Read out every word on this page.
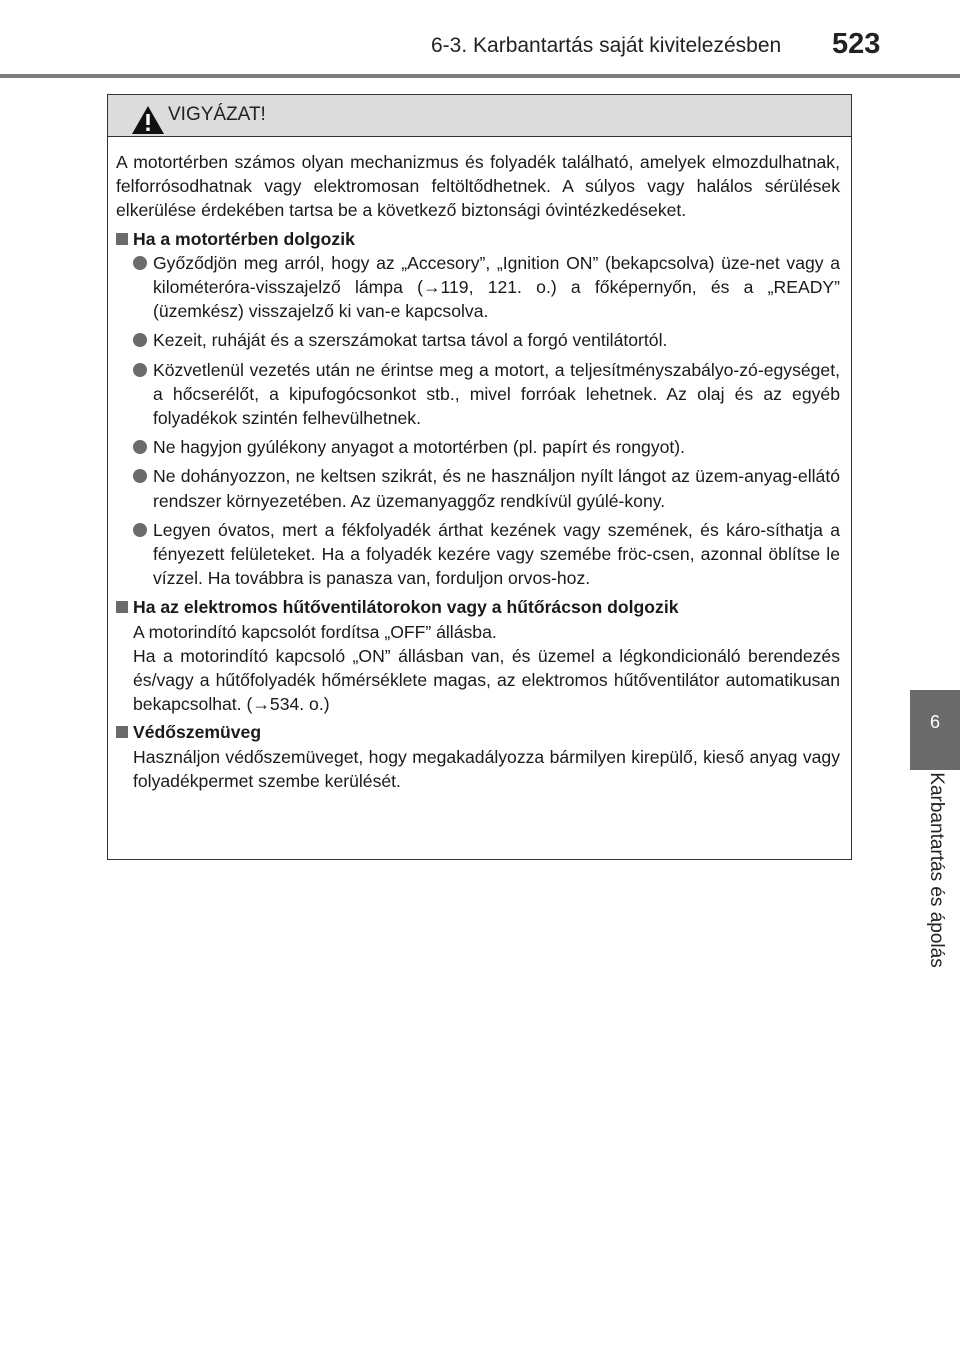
6-3. Karbantartás saját kivitelezésben 523
6
Karbantartás és ápolás
VIGYÁZAT!

A motortérben számos olyan mechanizmus és folyadék található, amelyek elmozdulhatnak, felforrósodhatnak vagy elektromosan feltöltődhetnek. A súlyos vagy halálos sérülések elkerülése érdekében tartsa be a következő biztonsági óvintézkedéseket.

Ha a motortérben dolgozik
Győződjön meg arról, hogy az „Accesory”, „Ignition ON” (bekapcsolva) üze-net vagy a kilométeróra-visszajelző lámpa (→119, 121. o.) a főképernyőn, és a „READY” (üzemkész) visszajelző ki van-e kapcsolva.
Kezeit, ruháját és a szerszámokat tartsa távol a forgó ventilátortól.
Közvetlenül vezetés után ne érintse meg a motort, a teljesítményszabályo-zó-egységet, a hőcserélőt, a kipufogócsonkot stb., mivel forróak lehetnek. Az olaj és az egyéb folyadékok szintén felhevülhetnek.
Ne hagyjon gyúlékony anyagot a motortérben (pl. papírt és rongyot).
Ne dohányozzon, ne keltsen szikrát, és ne használjon nyílt lángot az üzem-anyag-ellátó rendszer környezetében. Az üzemanyaggőz rendkívül gyúlé-kony.
Legyen óvatos, mert a fékfolyadék árthat kezének vagy szemének, és káro-síthatja a fényezett felületeket. Ha a folyadék kezére vagy szemébe fröc-csen, azonnal öblítse le vízzel. Ha továbbra is panasza van, forduljon orvos-hoz.
Ha az elektromos hűtőventilátorokon vagy a hűtőrácson dolgozik
A motorindító kapcsolót fordítsa „OFF” állásba.
Ha a motorindító kapcsoló „ON” állásban van, és üzemel a légkondicionáló berendezés és/vagy a hűtőfolyadék hőmérséklete magas, az elektromos hűtőventilátor automatikusan bekapcsolhat. (→534. o.)
Védőszemüveg
Használjon védőszemüveget, hogy megakadályozza bármilyen kirepülő, kieső anyag vagy folyadékpermet szembe kerülését.
